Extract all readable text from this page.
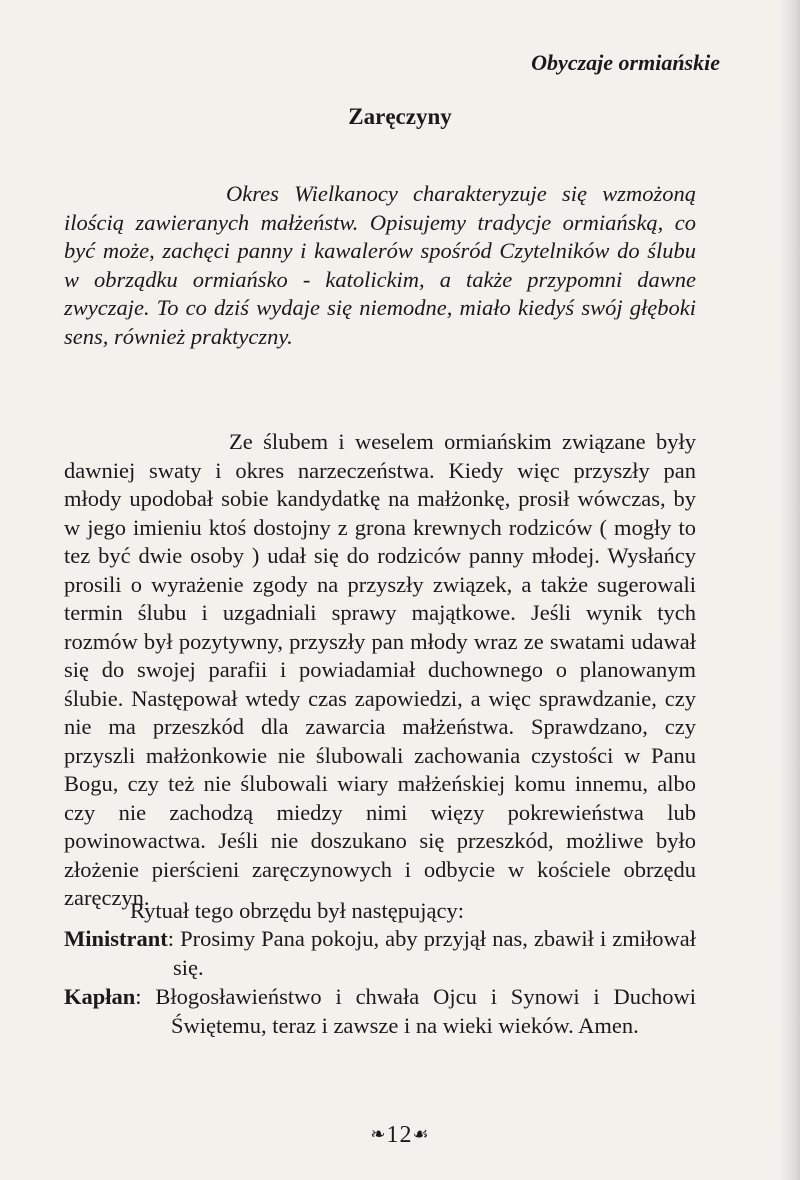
Obyczaje ormiańskie
Zaręczyny
Okres Wielkanocy charakteryzuje się wzmożoną
ilością zawieranych małżeństw. Opisujemy tradycje ormiańską, co
być może, zachęci panny i kawalerów spośród Czytelników do ślubu
w obrządku ormiańsko - katolickim, a także przypomni dawne
zwyczaje. To co dziś wydaje się niemodne, miało kiedyś swój głęboki
sens, również praktyczny.
Ze ślubem i weselem ormiańskim związane były
dawniej swaty i okres narzeczeństwa. Kiedy więc przyszły pan
młody upodobał sobie kandydatkę na małżonkę, prosił wówczas, by
w jego imieniu ktoś dostojny z grona krewnych rodziców ( mogły to
tez być dwie osoby ) udał się do rodziców panny młodej. Wysłańcy
prosili o wyrażenie zgody na przyszły związek, a także sugerowali
termin ślubu i uzgadniali sprawy majątkowe. Jeśli wynik tych
rozmów był pozytywny, przyszły pan młody wraz ze swatami udawał
się do swojej parafii i powiadamiał duchownego o planowanym
ślubie. Następował wtedy czas zapowiedzi, a więc sprawdzanie, czy
nie ma przeszkód dla zawarcia małżeństwa. Sprawdzano, czy
przyszli małżonkowie nie ślubowali zachowania czystości w Panu
Bogu, czy też nie ślubowali wiary małżeńskiej komu innemu, albo
czy nie zachodzą miedzy nimi więzy pokrewieństwa lub
powinowactwa. Jeśli nie doszukano się przeszkód, możliwe było
złożenie pierścieni zaręczynowych i odbycie w kościele obrzędu
zaręczyn.
Rytuał tego obrzędu był następujący:
Ministrant: Prosimy Pana pokoju, aby przyjął nas, zbawił i zmiłował
się.
Kapłan: Błogosławieństwo i chwała Ojcu i Synowi i Duchowi
Świętemu, teraz i zawsze i na wieki wieków. Amen.
❧12☙
